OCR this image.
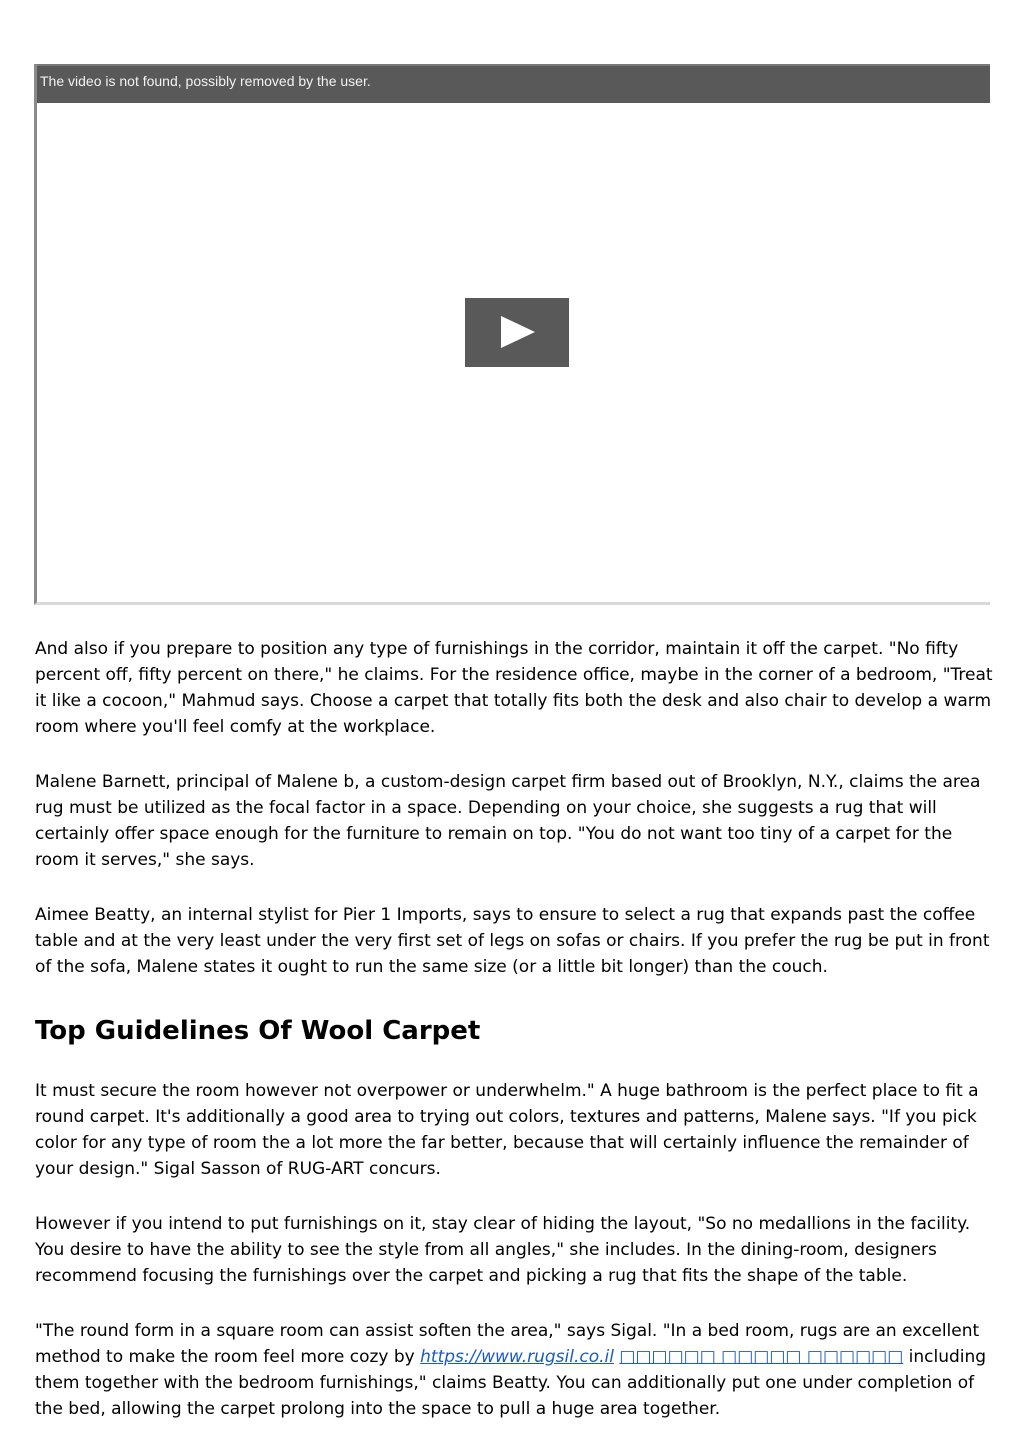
The video is not found, possibly removed by the user.

And also if you prepare to position any type of furnishings in the corridor, maintain it off the carpet. "No fifty percent off, fifty percent on there," he claims. For the residence office, maybe in the corner of a bedroom, "Treat it like a cocoon," Mahmud says. Choose a carpet that totally fits both the desk and also chair to develop a warm room where you'll feel comfy at the workplace.

Malene Barnett, principal of Malene b, a custom-design carpet firm based out of Brooklyn, N.Y., claims the area rug must be utilized as the focal factor in a space. Depending on your choice, she suggests a rug that will certainly offer space enough for the furniture to remain on top. "You do not want too tiny of a carpet for the room it serves," she says.

Aimee Beatty, an internal stylist for Pier 1 Imports, says to ensure to select a rug that expands past the coffee table and at the very least under the very first set of legs on sofas or chairs. If you prefer the rug be put in front of the sofa, Malene states it ought to run the same size (or a little bit longer) than the couch.

Top Guidelines Of Wool Carpet

It must secure the room however not overpower or underwhelm." A huge bathroom is the perfect place to fit a round carpet. It's additionally a good area to trying out colors, textures and patterns, Malene says. "If you pick color for any type of room the a lot more the far better, because that will certainly influence the remainder of your design." Sigal Sasson of RUG-ART concurs.

However if you intend to put furnishings on it, stay clear of hiding the layout, "So no medallions in the facility. You desire to have the ability to see the style from all angles," she includes. In the dining-room, designers recommend focusing the furnishings over the carpet and picking a rug that fits the shape of the table.

"The round form in a square room can assist soften the area," says Sigal. "In a bed room, rugs are an excellent method to make the room feel more cozy by https://www.rugsil.co.il □□□□□□ □□□□□ □□□□□□ including them together with the bedroom furnishings," claims Beatty. You can additionally put one under completion of the bed, allowing the carpet prolong into the space to pull a huge area together.
